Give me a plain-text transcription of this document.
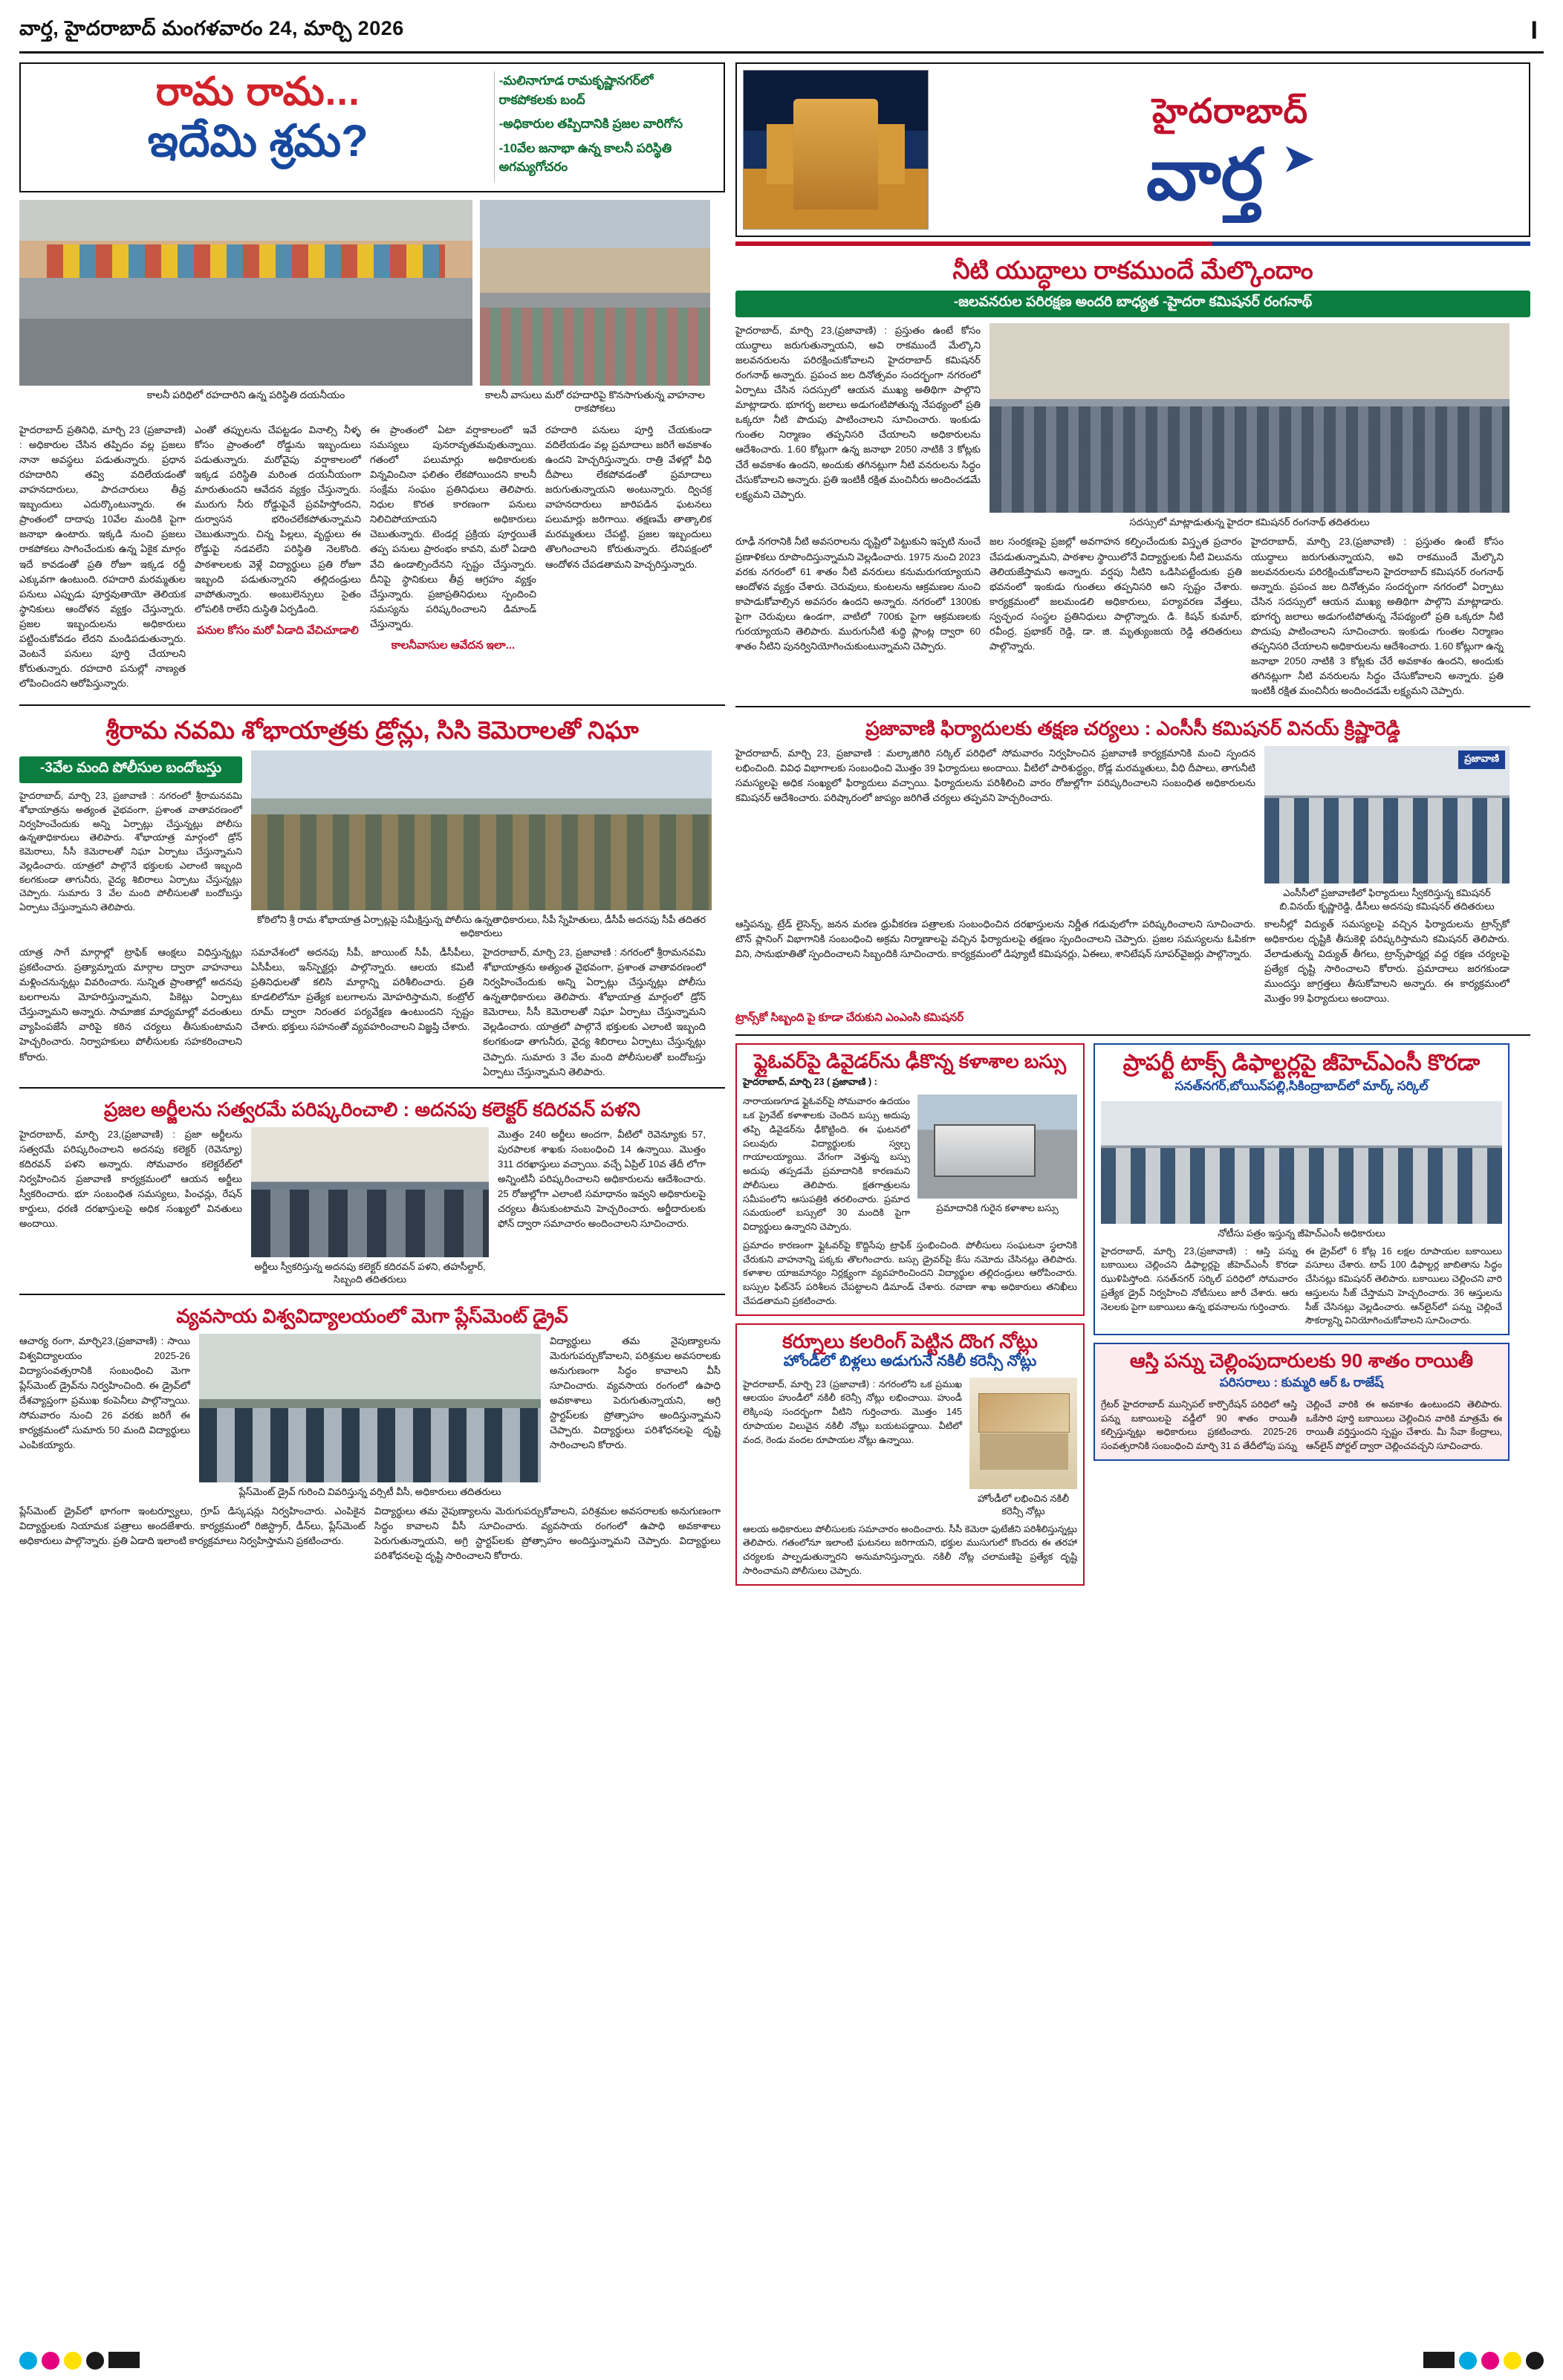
వార్త, హైదరాబాద్ మంగళవారం 24, మార్చి 2026	I
రామ రామ...
ఇదేమి శ్రమ?
-మలినాగూడ రామకృష్ణానగర్‌లో రాకపోకలకు బంద్
-అధికారుల తప్పిదానికి ప్రజల వారిగోస
-10వేల జనాభా ఉన్న కాలనీ పరిస్థితి అగమ్యగోచరం
కాలనీ పరిధిలో రహదారిని ఉన్న పరిస్థితి దయనీయం	కాలనీ వాసులు మరో రహదారిపై కొనసాగుతున్న వాహనాల రాకపోకలు

హైదరాబాద్ ప్రతినిధి, మార్చి 23 (ప్రజావాణి) : అధికారుల చేసిన తప్పిదం వల్ల ప్రజలు నానా అవస్థలు పడుతున్నారు. ప్రధాన రహదారిని తవ్వి వదిలేయడంతో వాహనదారులు, పాదచారులు తీవ్ర ఇబ్బందులు ఎదుర్కొంటున్నారు. ఈ ప్రాంతంలో దాదాపు 10వేల మందికి పైగా జనాభా ఉంటారు. ఇక్కడి నుంచి ప్రజలు రాకపోకలు సాగించేందుకు ఉన్న ఏకైక మార్గం ఇదే కావడంతో ప్రతి రోజూ ఇక్కడ రద్దీ ఎక్కువగా ఉంటుంది. రహదారి మరమ్మతుల పనులు ఎప్పుడు పూర్తవుతాయో తెలియక స్థానికులు ఆందోళన వ్యక్తం చేస్తున్నారు. ప్రజల ఇబ్బందులను అధికారులు పట్టించుకోవడం లేదని మండిపడుతున్నారు. వెంటనే పనులు పూర్తి చేయాలని కోరుతున్నారు. రహదారి పనుల్లో నాణ్యత లోపించిందని ఆరోపిస్తున్నారు.

ఎంతో తప్పులను చేపట్టడం వినాల్సి నీళ్ళ కోసం ప్రాంతంలో రోడ్డును ఇబ్బందులు పడుతున్నారు. మరోవైపు వర్షాకాలంలో ఇక్కడ పరిస్థితి మరింత దయనీయంగా మారుతుందని ఆవేదన వ్యక్తం చేస్తున్నారు. మురుగు నీరు రోడ్డుపైనే ప్రవహిస్తోందని, దుర్వాసన భరించలేకపోతున్నామని చెబుతున్నారు. చిన్న పిల్లలు, వృద్ధులు ఈ రోడ్డుపై నడవలేని పరిస్థితి నెలకొంది. పాఠశాలలకు వెళ్లే విద్యార్థులు ప్రతి రోజూ ఇబ్బంది పడుతున్నారని తల్లిదండ్రులు వాపోతున్నారు. అంబులెన్సులు సైతం లోపలికి రాలేని దుస్థితి ఏర్పడింది.

పనుల కోసం మరో ఏడాది వేచిచూడాలి

ఈ ప్రాంతంలో ఏటా వర్షాకాలంలో ఇవే సమస్యలు పునరావృతమవుతున్నాయి. గతంలో పలుమార్లు అధికారులకు విన్నవించినా ఫలితం లేకపోయిందని కాలనీ సంక్షేమ సంఘం ప్రతినిధులు తెలిపారు. నిధుల కొరత కారణంగా పనులు నిలిచిపోయాయని అధికారులు చెబుతున్నారు. టెండర్ల ప్రక్రియ పూర్తయితే తప్ప పనులు ప్రారంభం కావని, మరో ఏడాది వేచి ఉండాల్సిందేనని స్పష్టం చేస్తున్నారు. దీనిపై స్థానికులు తీవ్ర ఆగ్రహం వ్యక్తం చేస్తున్నారు. ప్రజాప్రతినిధులు స్పందించి సమస్యను పరిష్కరించాలని డిమాండ్ చేస్తున్నారు.

కాలనీవాసుల ఆవేదన ఇలా...

రహదారి పనులు పూర్తి చేయకుండా వదిలేయడం వల్ల ప్రమాదాలు జరిగే అవకాశం ఉందని హెచ్చరిస్తున్నారు. రాత్రి వేళల్లో వీధి దీపాలు లేకపోవడంతో ప్రమాదాలు జరుగుతున్నాయని అంటున్నారు. ద్విచక్ర వాహనదారులు జారిపడిన ఘటనలు పలుమార్లు జరిగాయి. తక్షణమే తాత్కాలిక మరమ్మతులు చేపట్టి, ప్రజల ఇబ్బందులు తొలగించాలని కోరుతున్నారు. లేనిపక్షంలో ఆందోళన చేపడతామని హెచ్చరిస్తున్నారు.

శ్రీరామ నవమి శోభాయాత్రకు డ్రోన్లు, సిసి కెమెరాలతో నిఘా
-3వేల మంది పోలీసుల బందోబస్తు
హైదరాబాద్, మార్చి 23, ప్రజావాణి : నగరంలో శ్రీరామనవమి శోభాయాత్రను అత్యంత వైభవంగా, ప్రశాంత వాతావరణంలో నిర్వహించేందుకు అన్ని ఏర్పాట్లు చేస్తున్నట్లు పోలీసు ఉన్నతాధికారులు తెలిపారు. శోభాయాత్ర మార్గంలో డ్రోన్ కెమెరాలు, సీసీ కెమెరాలతో నిఘా ఏర్పాటు చేస్తున్నామని వెల్లడించారు. యాత్రలో పాల్గొనే భక్తులకు ఎలాంటి ఇబ్బంది కలగకుండా తాగునీరు, వైద్య శిబిరాలు ఏర్పాటు చేస్తున్నట్లు చెప్పారు. సుమారు 3 వేల మంది పోలీసులతో బందోబస్తు ఏర్పాటు చేస్తున్నామని తెలిపారు.
కోఠిలోని శ్రీ రామ శోభాయాత్ర ఏర్పాట్లపై సమీక్షిస్తున్న పోలీసు ఉన్నతాధికారులు, సీపీ స్నేహితులు, డీసీపీ అదనపు సీపీ తదితర అధికారులు
యాత్ర సాగే మార్గాల్లో ట్రాఫిక్ ఆంక్షలు విధిస్తున్నట్లు ప్రకటించారు. ప్రత్యామ్నాయ మార్గాల ద్వారా వాహనాలు మళ్లించనున్నట్లు వివరించారు. సున్నిత ప్రాంతాల్లో అదనపు బలగాలను మోహరిస్తున్నామని, పికెట్లు ఏర్పాటు చేస్తున్నామని అన్నారు. సామాజిక మాధ్యమాల్లో వదంతులు వ్యాపింపజేసే వారిపై కఠిన చర్యలు తీసుకుంటామని హెచ్చరించారు. నిర్వాహకులు పోలీసులకు సహకరించాలని కోరారు.
సమావేశంలో అదనపు సీపీ, జాయింట్ సీపీ, డీసీపీలు, ఏసీపీలు, ఇన్‌స్పెక్టర్లు పాల్గొన్నారు. ఆలయ కమిటీ ప్రతినిధులతో కలిసి మార్గాన్ని పరిశీలించారు. ప్రతి కూడలిలోనూ ప్రత్యేక బలగాలను మోహరిస్తామని, కంట్రోల్ రూమ్ ద్వారా నిరంతర పర్యవేక్షణ ఉంటుందని స్పష్టం చేశారు. భక్తులు సహనంతో వ్యవహరించాలని విజ్ఞప్తి చేశారు.
హైదరాబాద్, మార్చి 23, ప్రజావాణి : నగరంలో శ్రీరామనవమి శోభాయాత్రను అత్యంత వైభవంగా, ప్రశాంత వాతావరణంలో నిర్వహించేందుకు అన్ని ఏర్పాట్లు చేస్తున్నట్లు పోలీసు ఉన్నతాధికారులు తెలిపారు. శోభాయాత్ర మార్గంలో డ్రోన్ కెమెరాలు, సీసీ కెమెరాలతో నిఘా ఏర్పాటు చేస్తున్నామని వెల్లడించారు. యాత్రలో పాల్గొనే భక్తులకు ఎలాంటి ఇబ్బంది కలగకుండా తాగునీరు, వైద్య శిబిరాలు ఏర్పాటు చేస్తున్నట్లు చెప్పారు. సుమారు 3 వేల మంది పోలీసులతో బందోబస్తు ఏర్పాటు చేస్తున్నామని తెలిపారు.
ప్రజల అర్జీలను సత్వరమే పరిష్కరించాలి : అదనపు కలెక్టర్ కదిరవన్ పళని
హైదరాబాద్, మార్చి 23,(ప్రజావాణి) : ప్రజా అర్జీలను సత్వరమే పరిష్కరించాలని అదనపు కలెక్టర్ (రెవెన్యూ) కదిరవన్ పళని అన్నారు. సోమవారం కలెక్టరేట్‌లో నిర్వహించిన ప్రజావాణి కార్యక్రమంలో ఆయన అర్జీలు స్వీకరించారు. భూ సంబంధిత సమస్యలు, పింఛన్లు, రేషన్ కార్డులు, ధరణి దరఖాస్తులపై అధిక సంఖ్యలో వినతులు అందాయి.
అర్జీలు స్వీకరిస్తున్న అదనపు కలెక్టర్ కదిరవన్ పళని, తహసీల్దార్, సిబ్బంది తదితరులు
మొత్తం 240 అర్జీలు అందగా, వీటిలో రెవెన్యూకు 57, పురపాలక శాఖకు సంబంధించి 14 ఉన్నాయి. మొత్తం 311 దరఖాస్తులు వచ్చాయి. వచ్చే ఏప్రిల్ 10వ తేదీ లోగా అన్నింటినీ పరిష్కరించాలని అధికారులను ఆదేశించారు. 25 రోజుల్లోగా ఎలాంటి సమాధానం ఇవ్వని అధికారులపై చర్యలు తీసుకుంటామని హెచ్చరించారు. అర్జీదారులకు ఫోన్ ద్వారా సమాచారం అందించాలని సూచించారు.
వ్యవసాయ విశ్వవిద్యాలయంలో మెగా ప్లేస్‌మెంట్ డ్రైవ్
ఆచార్య రంగా, మార్చి23,(ప్రజావాణి) : సాయి విశ్వవిద్యాలయం 2025-26 విద్యాసంవత్సరానికి సంబంధించి మెగా ప్లేస్‌మెంట్ డ్రైవ్‌ను నిర్వహించింది. ఈ డ్రైవ్‌లో దేశవ్యాప్తంగా ప్రముఖ కంపెనీలు పాల్గొన్నాయి. సోమవారం నుంచి 26 వరకు జరిగే ఈ కార్యక్రమంలో సుమారు 50 మంది విద్యార్థులు ఎంపికయ్యారు.
ప్లేస్‌మెంట్ డ్రైవ్ గురించి వివరిస్తున్న వర్సిటీ వీసీ, అధికారులు తదితరులు
విద్యార్థులు తమ నైపుణ్యాలను మెరుగుపర్చుకోవాలని, పరిశ్రమల అవసరాలకు అనుగుణంగా సిద్ధం కావాలని వీసీ సూచించారు. వ్యవసాయ రంగంలో ఉపాధి అవకాశాలు పెరుగుతున్నాయని, అగ్రి స్టార్టప్‌లకు ప్రోత్సాహం అందిస్తున్నామని చెప్పారు. విద్యార్థులు పరిశోధనలపై దృష్టి సారించాలని కోరారు.
ప్లేస్‌మెంట్ డ్రైవ్‌లో భాగంగా ఇంటర్వ్యూలు, గ్రూప్ డిస్కషన్లు నిర్వహించారు. ఎంపికైన విద్యార్థులకు నియామక పత్రాలు అందజేశారు. కార్యక్రమంలో రిజిస్ట్రార్, డీన్‌లు, ప్లేస్‌మెంట్ అధికారులు పాల్గొన్నారు. ప్రతి ఏడాది ఇలాంటి కార్యక్రమాలు నిర్వహిస్తామని ప్రకటించారు.
విద్యార్థులు తమ నైపుణ్యాలను మెరుగుపర్చుకోవాలని, పరిశ్రమల అవసరాలకు అనుగుణంగా సిద్ధం కావాలని వీసీ సూచించారు. వ్యవసాయ రంగంలో ఉపాధి అవకాశాలు పెరుగుతున్నాయని, అగ్రి స్టార్టప్‌లకు ప్రోత్సాహం అందిస్తున్నామని చెప్పారు. విద్యార్థులు పరిశోధనలపై దృష్టి సారించాలని కోరారు.
హైదరాబాద్
వార్త ➤
నీటి యుద్ధాలు రాకముందే మేల్కొందాం
-జలవనరుల పరిరక్షణ అందరి బాధ్యత -హైదరా కమిషనర్ రంగనాథ్
హైదరాబాద్, మార్చి 23,(ప్రజావాణి) : ప్రస్తుతం ఉంటే కోసం యుద్ధాలు జరుగుతున్నాయని, అవి రాకముందే మేల్కొని జలవనరులను పరిరక్షించుకోవాలని హైదరాబాద్ కమిషనర్ రంగనాథ్ అన్నారు. ప్రపంచ జల దినోత్సవం సందర్భంగా నగరంలో ఏర్పాటు చేసిన సదస్సులో ఆయన ముఖ్య అతిథిగా పాల్గొని మాట్లాడారు. భూగర్భ జలాలు అడుగంటిపోతున్న నేపథ్యంలో ప్రతి ఒక్కరూ నీటి పొదుపు పాటించాలని సూచించారు. ఇంకుడు గుంతల నిర్మాణం తప్పనిసరి చేయాలని అధికారులను ఆదేశించారు. 1.60 కోట్లుగా ఉన్న జనాభా 2050 నాటికి 3 కోట్లకు చేరే అవకాశం ఉందని, అందుకు తగినట్లుగా నీటి వనరులను సిద్ధం చేసుకోవాలని అన్నారు. ప్రతి ఇంటికీ రక్షిత మంచినీరు అందించడమే లక్ష్యమని చెప్పారు.
సదస్సులో మాట్లాడుతున్న హైదరా కమిషనర్ రంగనాథ్ తదితరులు
రూఢీ నగరానికి నీటి అవసరాలను దృష్టిలో పెట్టుకుని ఇప్పటి నుంచే ప్రణాళికలు రూపొందిస్తున్నామని వెల్లడించారు. 1975 నుంచి 2023 వరకు నగరంలో 61 శాతం నీటి వనరులు కనుమరుగయ్యాయని ఆందోళన వ్యక్తం చేశారు. చెరువులు, కుంటలను ఆక్రమణల నుంచి కాపాడుకోవాల్సిన అవసరం ఉందని అన్నారు. నగరంలో 1300కు పైగా చెరువులు ఉండగా, వాటిలో 700కు పైగా ఆక్రమణలకు గురయ్యాయని తెలిపారు. మురుగునీటి శుద్ధి ప్లాంట్ల ద్వారా 60 శాతం నీటిని పునర్వినియోగించుకుంటున్నామని చెప్పారు.
జల సంరక్షణపై ప్రజల్లో అవగాహన కల్పించేందుకు విస్తృత ప్రచారం చేపడుతున్నామని, పాఠశాల స్థాయిలోనే విద్యార్థులకు నీటి విలువను తెలియజేస్తామని అన్నారు. వర్షపు నీటిని ఒడిసిపట్టేందుకు ప్రతి భవనంలో ఇంకుడు గుంతలు తప్పనిసరి అని స్పష్టం చేశారు. కార్యక్రమంలో జలమండలి అధికారులు, పర్యావరణ వేత్తలు, స్వచ్ఛంద సంస్థల ప్రతినిధులు పాల్గొన్నారు. డి. కిషన్ కుమార్, రవీంద్ర, ప్రభాకర్ రెడ్డి, డా. జి. మృత్యుంజయ రెడ్డి తదితరులు పాల్గొన్నారు.
హైదరాబాద్, మార్చి 23,(ప్రజావాణి) : ప్రస్తుతం ఉంటే కోసం యుద్ధాలు జరుగుతున్నాయని, అవి రాకముందే మేల్కొని జలవనరులను పరిరక్షించుకోవాలని హైదరాబాద్ కమిషనర్ రంగనాథ్ అన్నారు. ప్రపంచ జల దినోత్సవం సందర్భంగా నగరంలో ఏర్పాటు చేసిన సదస్సులో ఆయన ముఖ్య అతిథిగా పాల్గొని మాట్లాడారు. భూగర్భ జలాలు అడుగంటిపోతున్న నేపథ్యంలో ప్రతి ఒక్కరూ నీటి పొదుపు పాటించాలని సూచించారు. ఇంకుడు గుంతల నిర్మాణం తప్పనిసరి చేయాలని అధికారులను ఆదేశించారు. 1.60 కోట్లుగా ఉన్న జనాభా 2050 నాటికి 3 కోట్లకు చేరే అవకాశం ఉందని, అందుకు తగినట్లుగా నీటి వనరులను సిద్ధం చేసుకోవాలని అన్నారు. ప్రతి ఇంటికీ రక్షిత మంచినీరు అందించడమే లక్ష్యమని చెప్పారు.
ప్రజావాణి ఫిర్యాదులకు తక్షణ చర్యలు : ఎంసీసీ కమిషనర్ వినయ్ క్రిష్ణారెడ్డి
హైదరాబాద్, మార్చి 23, ప్రజావాణి : మల్కాజిగిరి సర్కిల్ పరిధిలో సోమవారం నిర్వహించిన ప్రజావాణి కార్యక్రమానికి మంచి స్పందన లభించింది. వివిధ విభాగాలకు సంబంధించి మొత్తం 39 ఫిర్యాదులు అందాయి. వీటిలో పారిశుద్ధ్యం, రోడ్ల మరమ్మతులు, వీధి దీపాలు, తాగునీటి సమస్యలపై అధిక సంఖ్యలో ఫిర్యాదులు వచ్చాయి. ఫిర్యాదులను పరిశీలించి వారం రోజుల్లోగా పరిష్కరించాలని సంబంధిత అధికారులను కమిషనర్ ఆదేశించారు. పరిష్కారంలో జాప్యం జరిగితే చర్యలు తప్పవని హెచ్చరించారు.
ప్రజావాణి
ఎంసీసీలో ప్రజావాణిలో ఫిర్యాదులు స్వీకరిస్తున్న కమిషనర్ బి.వినయ్ కృష్ణారెడ్డి, డీసీలు అదనపు కమిషనర్ తదితరులు
ఆస్తిపన్ను, ట్రేడ్ లైసెన్స్, జనన మరణ ధ్రువీకరణ పత్రాలకు సంబంధించిన దరఖాస్తులను నిర్ణీత గడువులోగా పరిష్కరించాలని సూచించారు. టౌన్ ప్లానింగ్ విభాగానికి సంబంధించి అక్రమ నిర్మాణాలపై వచ్చిన ఫిర్యాదులపై తక్షణం స్పందించాలని చెప్పారు. ప్రజల సమస్యలను ఓపికగా విని, సానుభూతితో స్పందించాలని సిబ్బందికి సూచించారు. కార్యక్రమంలో డిప్యూటీ కమిషనర్లు, ఏఈలు, శానిటేషన్ సూపర్‌వైజర్లు పాల్గొన్నారు.
కాలనీల్లో విద్యుత్ సమస్యలపై వచ్చిన ఫిర్యాదులను ట్రాన్స్‌కో అధికారుల దృష్టికి తీసుకెళ్లి పరిష్కరిస్తామని కమిషనర్ తెలిపారు. వేలాడుతున్న విద్యుత్ తీగలు, ట్రాన్స్‌ఫార్మర్ల వద్ద రక్షణ చర్యలపై ప్రత్యేక దృష్టి సారించాలని కోరారు. ప్రమాదాలు జరగకుండా ముందస్తు జాగ్రత్తలు తీసుకోవాలని అన్నారు. ఈ కార్యక్రమంలో మొత్తం 99 ఫిర్యాదులు అందాయి.
ట్రాన్స్‌కో సిబ్బంది పై కూడా చేరుకుని ఎంఎంసి కమిషనర్
ఫ్లైఓవర్‌పై డివైడర్‌ను ఢీకొన్న కళాశాల బస్సు
హైదరాబాద్, మార్చి 23 ( ప్రజావాణి ) :
నారాయణగూడ ఫ్లైఓవర్‌పై సోమవారం ఉదయం ఒక ప్రైవేట్ కళాశాలకు చెందిన బస్సు అదుపు తప్పి డివైడర్‌ను ఢీకొట్టింది. ఈ ఘటనలో పలువురు విద్యార్థులకు స్వల్ప గాయాలయ్యాయి. వేగంగా వెళ్తున్న బస్సు అదుపు తప్పడమే ప్రమాదానికి కారణమని పోలీసులు తెలిపారు. క్షతగాత్రులను సమీపంలోని ఆసుపత్రికి తరలించారు. ప్రమాద సమయంలో బస్సులో 30 మందికి పైగా విద్యార్థులు ఉన్నారని చెప్పారు.
ప్రమాదానికి గురైన కళాశాల బస్సు
ప్రమాదం కారణంగా ఫ్లైఓవర్‌పై కొద్దిసేపు ట్రాఫిక్ స్తంభించింది. పోలీసులు సంఘటనా స్థలానికి చేరుకుని వాహనాన్ని పక్కకు తొలగించారు. బస్సు డ్రైవర్‌పై కేసు నమోదు చేసినట్లు తెలిపారు. కళాశాల యాజమాన్యం నిర్లక్ష్యంగా వ్యవహరించిందని విద్యార్థుల తల్లిదండ్రులు ఆరోపించారు. బస్సుల ఫిట్‌నెస్ పరిశీలన చేపట్టాలని డిమాండ్ చేశారు. రవాణా శాఖ అధికారులు తనిఖీలు చేపడతామని ప్రకటించారు.
కర్నూలు కలరింగ్ పెట్టిన దొంగ నోట్లు
హోండీలో బిళ్లలు అడుగునే నకిలీ కరెన్సీ నోట్లు
హైదరాబాద్, మార్చి 23 (ప్రజావాణి) : నగరంలోని ఒక ప్రముఖ ఆలయం హుండీలో నకిలీ కరెన్సీ నోట్లు లభించాయి. హుండీ లెక్కింపు సందర్భంగా వీటిని గుర్తించారు. మొత్తం 145 రూపాయల విలువైన నకిలీ నోట్లు బయటపడ్డాయి. వీటిలో వంద, రెండు వందల రూపాయల నోట్లు ఉన్నాయి.
హోండీలో లభించిన నకిలీ కరెన్సీ నోట్లు
ఆలయ అధికారులు పోలీసులకు సమాచారం అందించారు. సీసీ కెమెరా ఫుటేజీని పరిశీలిస్తున్నట్లు తెలిపారు. గతంలోనూ ఇలాంటి ఘటనలు జరిగాయని, భక్తుల ముసుగులో కొందరు ఈ తరహా చర్యలకు పాల్పడుతున్నారని అనుమానిస్తున్నారు. నకిలీ నోట్ల చలామణిపై ప్రత్యేక దృష్టి సారించామని పోలీసులు చెప్పారు.
ప్రాపర్టీ టాక్స్ డిఫాల్టర్లపై జీహెచ్‌ఎంసీ కొరడా
సనత్‌నగర్,బోయిన్‌పల్లి,సికింద్రాబాద్‌లో మార్క్ సర్కిల్
నోటీసు పత్రం ఇస్తున్న జీహెచ్‌ఎంసీ అధికారులు
హైదరాబాద్, మార్చి 23,(ప్రజావాణి) : ఆస్తి పన్ను బకాయిలు చెల్లించని డిఫాల్టర్లపై జీహెచ్‌ఎంసీ కొరడా ఝుళిపిస్తోంది. సనత్‌నగర్ సర్కిల్ పరిధిలో సోమవారం ప్రత్యేక డ్రైవ్ నిర్వహించి నోటీసులు జారీ చేశారు. ఆరు నెలలకు పైగా బకాయిలు ఉన్న భవనాలను గుర్తించారు.
ఈ డ్రైవ్‌లో 6 కోట్ల 16 లక్షల రూపాయల బకాయిలు వసూలు చేశారు. టాప్ 100 డిఫాల్టర్ల జాబితాను సిద్ధం చేసినట్లు కమిషనర్ తెలిపారు. బకాయిలు చెల్లించని వారి ఆస్తులను సీజ్ చేస్తామని హెచ్చరించారు. 36 ఆస్తులను సీజ్ చేసినట్లు వెల్లడించారు. ఆన్‌లైన్‌లో పన్ను చెల్లించే సౌకర్యాన్ని వినియోగించుకోవాలని సూచించారు.
ఆస్తి పన్ను చెల్లింపుదారులకు 90 శాతం రాయితీ
పరిసరాలు : కుమ్మరి ఆర్ ఓ రాజేష్
గ్రేటర్ హైదరాబాద్ మున్సిపల్ కార్పొరేషన్ పరిధిలో ఆస్తి పన్ను బకాయిలపై వడ్డీలో 90 శాతం రాయితీ కల్పిస్తున్నట్లు అధికారులు ప్రకటించారు. 2025-26 సంవత్సరానికి సంబంధించి మార్చి 31 వ తేదీలోపు పన్ను చెల్లించే వారికి ఈ అవకాశం ఉంటుందని తెలిపారు. ఒకేసారి పూర్తి బకాయిలు చెల్లించిన వారికి మాత్రమే ఈ రాయితీ వర్తిస్తుందని స్పష్టం చేశారు. మీ సేవా కేంద్రాలు, ఆన్‌లైన్ పోర్టల్ ద్వారా చెల్లించవచ్చని సూచించారు.
